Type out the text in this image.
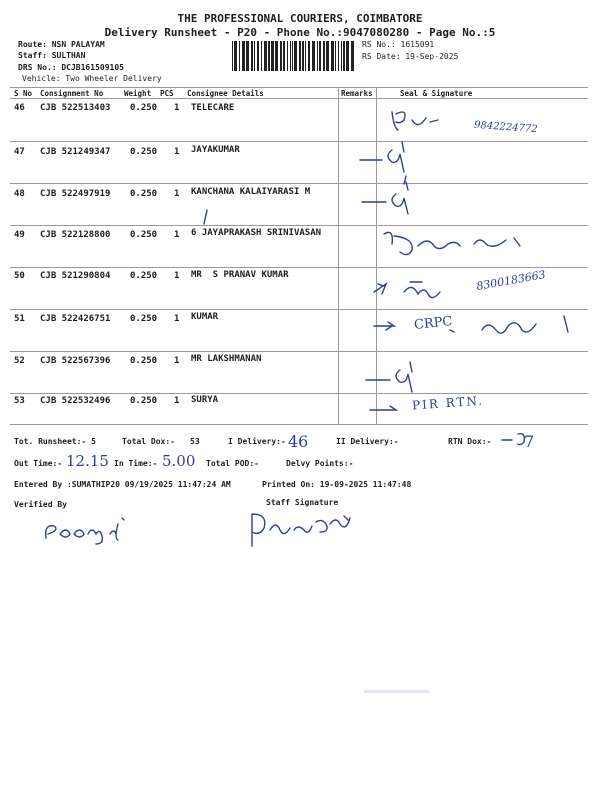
THE PROFESSIONAL COURIERS, COIMBATORE
Delivery Runsheet - P20 - Phone No.:9047080280 - Page No.:5
Route: NSN PALAYAM
Staff: SULTHAN
DRS No.: DCJB161509105
Vehicle: Two Wheeler Delivery
RS No.: 1615091
RS Date: 19-Sep-2025
S No Consignment No	Weight PCS Consignee Details	Remarks	Seal & Signature
46 CJB 522513403 0.250 1 TELECARE
47 CJB 521249347 0.250 1 JAYAKUMAR
48 CJB 522497919 0.250 1 KANCHANA KALAIYARASI M
49 CJB 522128800 0.250 1 6 JAYAPRAKASH SRINIVASAN
50 CJB 521290804 0.250 1 MR  S PRANAV KUMAR
51 CJB 522426751 0.250 1 KUMAR
52 CJB 522567396 0.250 1 MR LAKSHMANAN
53 CJB 522532496 0.250 1 SURYA
9842224772
8300183663
CRPC
PIR RTN.
Tot. Runsheet:- 5	Total Dox:- 53	I Delivery:- 46	II Delivery:-	RTN Dox:- 7
Out Time:- 12.15 In Time:- 5.00 Total POD:-	Delvy Points:-
Entered By :SUMATHIP20 09/19/2025 11:47:24 AM	Printed On: 19-09-2025 11:47:48
Verified By	Staff Signature
